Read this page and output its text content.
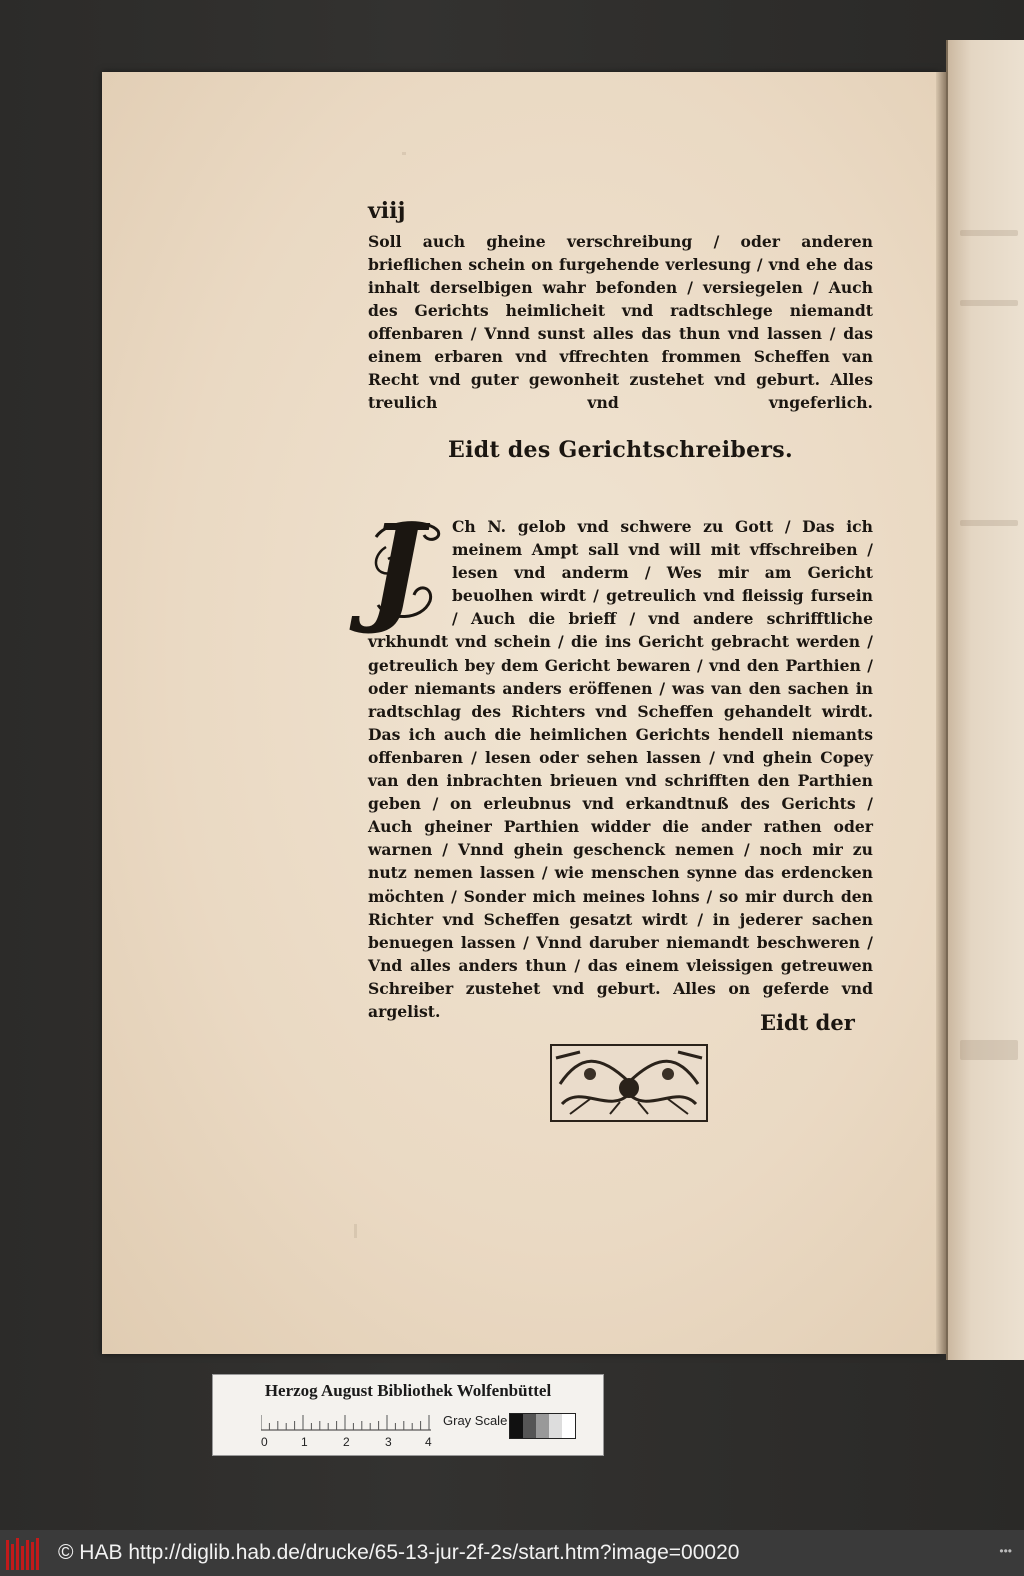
viij
Soll auch gheine verschreibung / oder anderen brieflichen schein on furgehende verlesung / vnd ehe das inhalt derselbigen wahr befonden / versiegelen / Auch des Gerichts heimlicheit vnd radtschlege niemandt offenbaren / Vnnd sunst alles das thun vnd lassen / das einem erbaren vnd vffrechten frommen Scheffen van Recht vnd guter gewonheit zustehet vnd geburt. Alles treulich vnd vngeferlich.
Eidt des Gerichtschreibers.
J Ch N. gelob vnd schwere zu Gott / Das ich meinem Ampt sall vnd will mit vffschreiben / lesen vnd anderm / Wes mir am Gericht beuolhen wirdt / getreulich vnd fleissig fursein / Auch die brieff / vnd andere schrifftliche vrkhundt vnd schein / die ins Gericht gebracht werden / getreulich bey dem Gericht bewaren / vnd den Parthien / oder niemants anders eröffenen / was van den sachen in radtschlag des Richters vnd Scheffen gehandelt wirdt. Das ich auch die heimlichen Gerichts hendell niemants offenbaren / lesen oder sehen lassen / vnd ghein Copey van den inbrachten brieuen vnd schrifften den Parthien geben / on erleubnus vnd erkandtnuß des Gerichts / Auch gheiner Parthien widder die ander rathen oder warnen / Vnnd ghein geschenck nemen / noch mir zu nutz nemen lassen / wie menschen synne das erdencken möchten / Sonder mich meines lohns / so mir durch den Richter vnd Scheffen gesatzt wirdt / in jederer sachen benuegen lassen / Vnnd daruber niemandt beschweren / Vnd alles anders thun / das einem vleissigen getreuwen Schreiber zustehet vnd geburt. Alles on geferde vnd argelist.	Eidt der
Herzog August Bibliothek Wolfenbüttel
0	1	2	3	4
Gray Scale
© HAB http://diglib.hab.de/drucke/65-13-jur-2f-2s/start.htm?image=00020	•••
